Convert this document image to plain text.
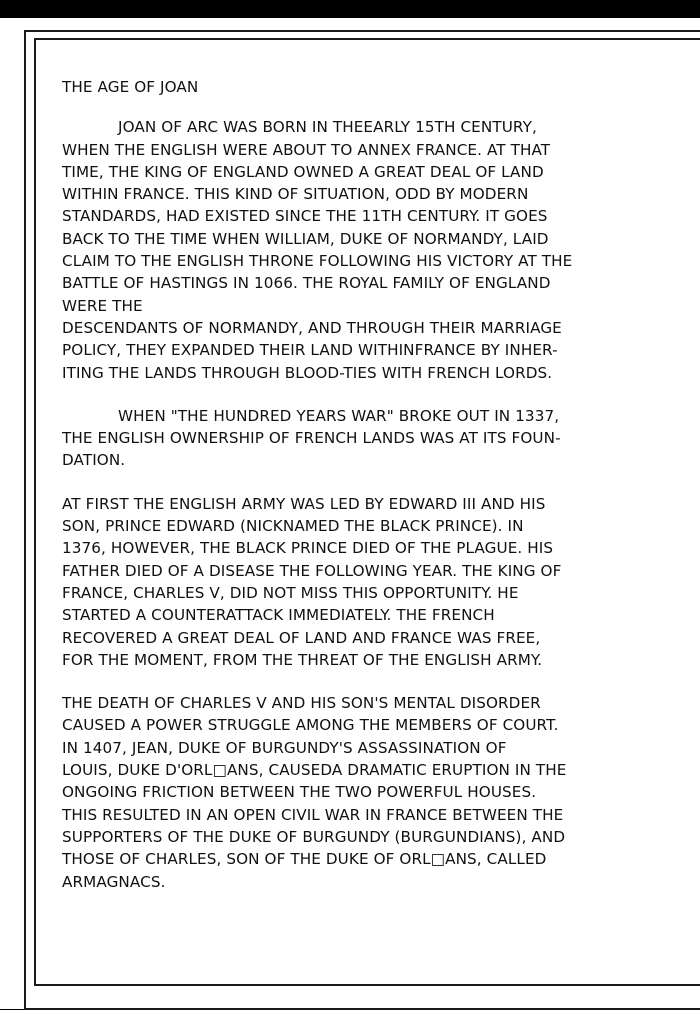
THE AGE OF JOAN
JOAN OF ARC WAS BORN IN THEEARLY 15TH CENTURY,
WHEN THE ENGLISH WERE ABOUT TO ANNEX FRANCE. AT THAT
TIME, THE KING OF ENGLAND OWNED A GREAT DEAL OF LAND
WITHIN FRANCE. THIS KIND OF SITUATION, ODD BY MODERN
STANDARDS, HAD EXISTED SINCE THE 11TH CENTURY. IT GOES
BACK TO THE TIME WHEN WILLIAM, DUKE OF NORMANDY, LAID
CLAIM TO THE ENGLISH THRONE FOLLOWING HIS VICTORY AT THE
BATTLE OF HASTINGS IN 1066. THE ROYAL FAMILY OF ENGLAND
WERE THE
DESCENDANTS OF NORMANDY, AND THROUGH THEIR MARRIAGE
POLICY, THEY EXPANDED THEIR LAND WITHINFRANCE BY INHER-
ITING THE LANDS THROUGH BLOOD-TIES WITH FRENCH LORDS.
WHEN "THE HUNDRED YEARS WAR" BROKE OUT IN 1337,
THE ENGLISH OWNERSHIP OF FRENCH LANDS WAS AT ITS FOUN-
DATION.
AT FIRST THE ENGLISH ARMY WAS LED BY EDWARD III AND HIS
SON, PRINCE EDWARD (NICKNAMED THE BLACK PRINCE). IN
1376, HOWEVER, THE BLACK PRINCE DIED OF THE PLAGUE. HIS
FATHER DIED OF A DISEASE THE FOLLOWING YEAR. THE KING OF
FRANCE, CHARLES V, DID NOT MISS THIS OPPORTUNITY. HE
STARTED A COUNTERATTACK IMMEDIATELY. THE FRENCH
RECOVERED A GREAT DEAL OF LAND AND FRANCE WAS FREE,
FOR THE MOMENT, FROM THE THREAT OF THE ENGLISH ARMY.
THE DEATH OF CHARLES V AND HIS SON'S MENTAL DISORDER
CAUSED A POWER STRUGGLE AMONG THE MEMBERS OF COURT.
IN 1407, JEAN, DUKE OF BURGUNDY'S ASSASSINATION OF
LOUIS, DUKE D'ORL□ANS, CAUSEDA DRAMATIC ERUPTION IN THE
ONGOING FRICTION BETWEEN THE TWO POWERFUL HOUSES.
THIS RESULTED IN AN OPEN CIVIL WAR IN FRANCE BETWEEN THE
SUPPORTERS OF THE DUKE OF BURGUNDY (BURGUNDIANS), AND
THOSE OF CHARLES, SON OF THE DUKE OF ORL□ANS, CALLED
ARMAGNACS.
